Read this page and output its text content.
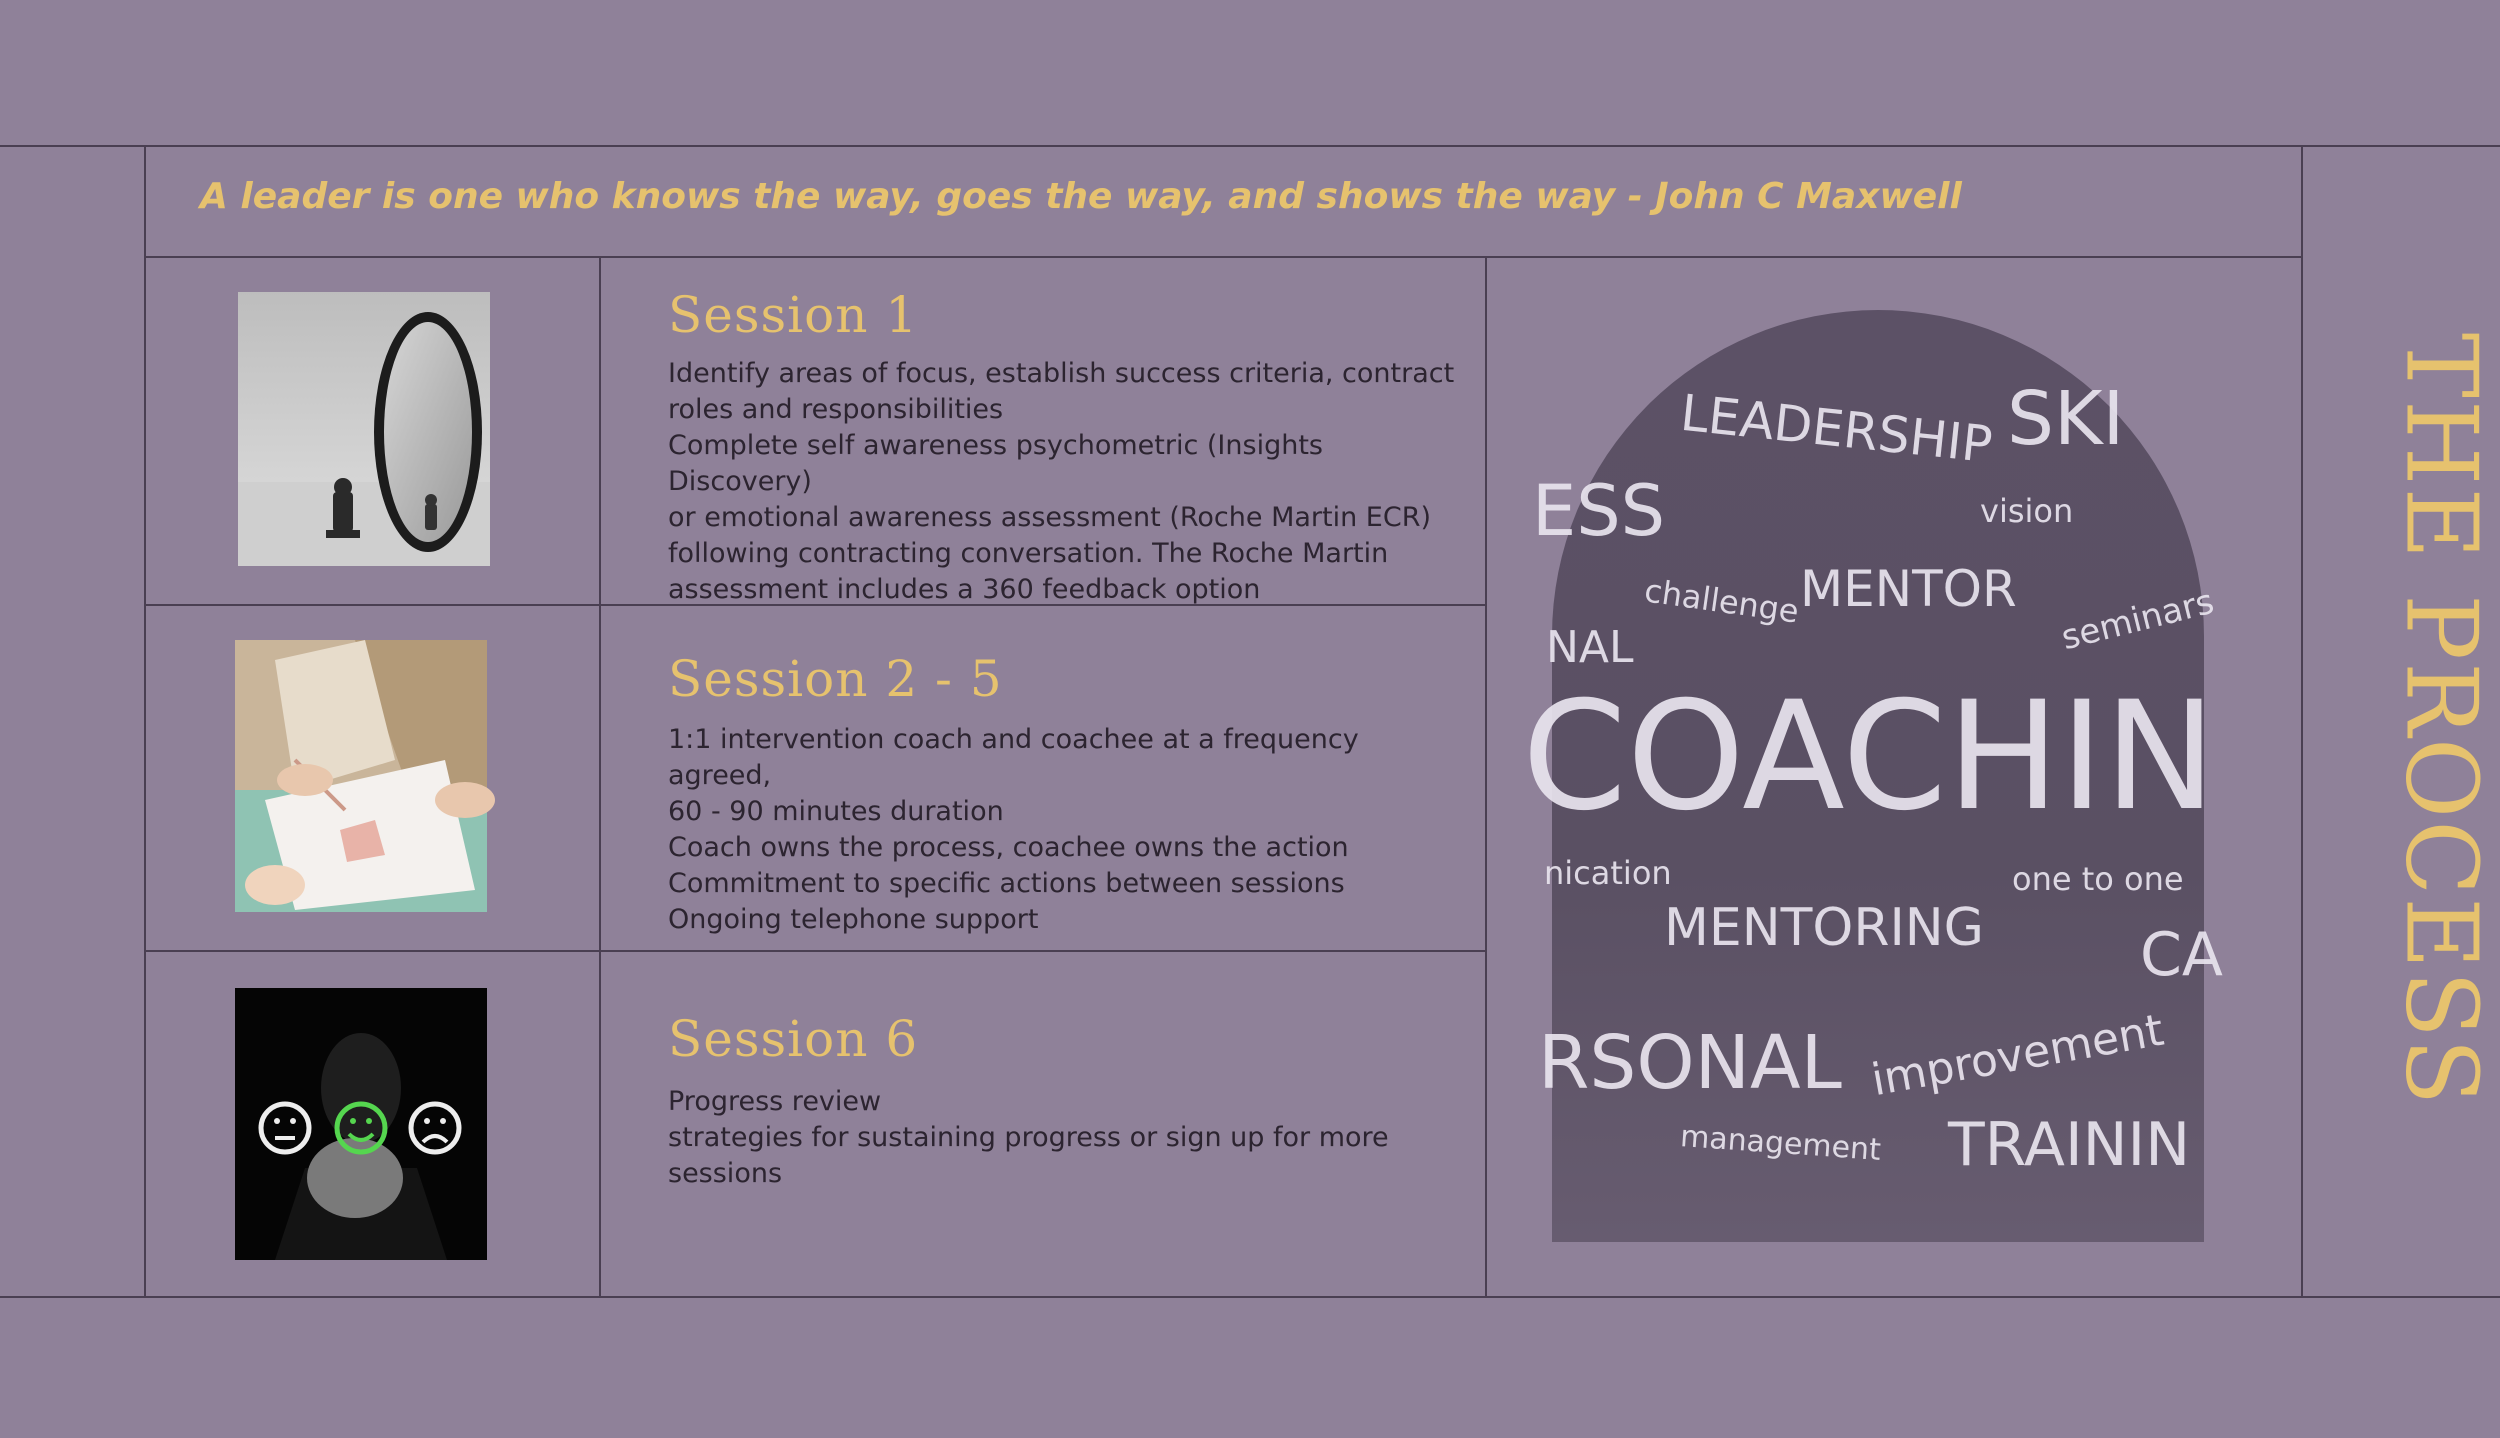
A leader is one who knows the way, goes the way, and shows the way - John C Maxwell
Session 1
Identify areas of focus, establish success criteria, contract
roles and responsibilities
Complete self awareness psychometric (Insights Discovery)
or emotional awareness assessment (Roche Martin ECR)
following contracting conversation. The Roche Martin
assessment includes a 360 feedback option
Session 2 - 5
1:1 intervention coach and coachee at a frequency agreed,
60 - 90 minutes duration
Coach owns the process, coachee owns the action
Commitment to specific actions between sessions
Ongoing telephone support
Session 6
Progress review
strategies for sustaining progress or sign up for more
sessions
LEADERSHIP SKI
ESS	vision
challenge
MENTOR seminars
NAL
COACHIN
nication	one to one
MENTORING	CA
RSONAL improvement
management TRAININ
THE PROCESS
